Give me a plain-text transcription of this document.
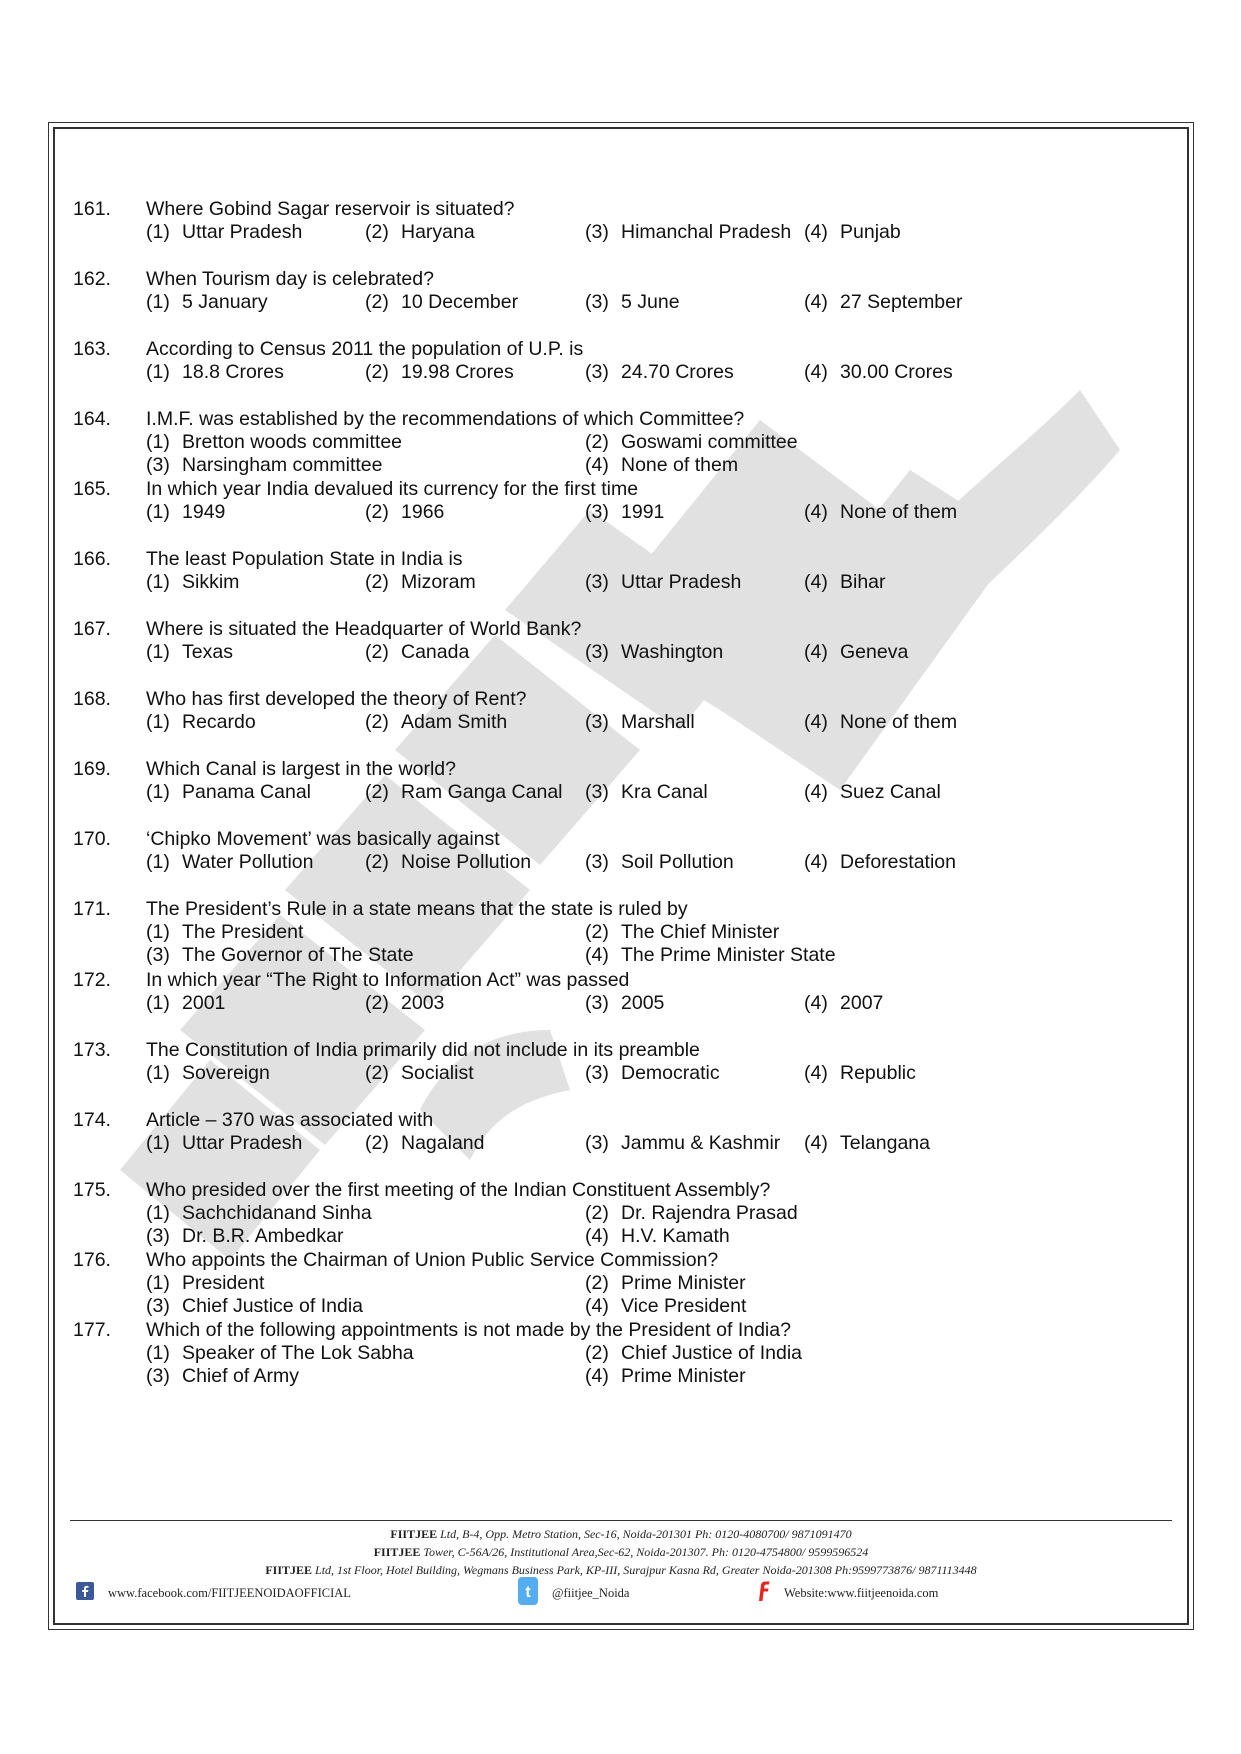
161. Where Gobind Sagar reservoir is situated?
(1) Uttar Pradesh	(2) Haryana	(3) Himanchal Pradesh (4) Punjab
162. When Tourism day is celebrated?
(1) 5 January	(2) 10 December	(3) 5 June	(4) 27 September
163. According to Census 2011 the population of U.P. is
(1) 18.8 Crores	(2) 19.98 Crores	(3) 24.70 Crores	(4) 30.00 Crores
164. I.M.F. was established by the recommendations of which Committee?
(1) Bretton woods committee	(2) Goswami committee
(3) Narsingham committee	(4) None of them
165. In which year India devalued its currency for the first time
(1) 1949	(2) 1966	(3) 1991	(4) None of them
166. The least Population State in India is
(1) Sikkim	(2) Mizoram	(3) Uttar Pradesh	(4) Bihar
167. Where is situated the Headquarter of World Bank?
(1) Texas	(2) Canada	(3) Washington	(4) Geneva
168. Who has first developed the theory of Rent?
(1) Recardo	(2) Adam Smith	(3) Marshall	(4) None of them
169. Which Canal is largest in the world?
(1) Panama Canal	(2) Ram Ganga Canal (3) Kra Canal	(4) Suez Canal
170. ‘Chipko Movement’ was basically against
(1) Water Pollution	(2) Noise Pollution	(3) Soil Pollution	(4) Deforestation
171. The President’s Rule in a state means that the state is ruled by
(1) The President	(2) The Chief Minister
(3) The Governor of The State	(4) The Prime Minister State
172. In which year “The Right to Information Act” was passed
(1) 2001	(2) 2003	(3) 2005	(4) 2007
173. The Constitution of India primarily did not include in its preamble
(1) Sovereign	(2) Socialist	(3) Democratic	(4) Republic
174. Article – 370 was associated with
(1) Uttar Pradesh	(2) Nagaland	(3) Jammu & Kashmir (4) Telangana
175. Who presided over the first meeting of the Indian Constituent Assembly?
(1) Sachchidanand Sinha	(2) Dr. Rajendra Prasad
(3) Dr. B.R. Ambedkar	(4) H.V. Kamath
176. Who appoints the Chairman of Union Public Service Commission?
(1) President	(2) Prime Minister
(3) Chief Justice of India	(4) Vice President
177. Which of the following appointments is not made by the President of India?
(1) Speaker of The Lok Sabha	(2) Chief Justice of India
(3) Chief of Army	(4) Prime Minister
FIITJEE Ltd, B-4, Opp. Metro Station, Sec-16, Noida-201301 Ph: 0120-4080700/ 9871091470
FIITJEE Tower, C-56A/26, Institutional Area,Sec-62, Noida-201307. Ph: 0120-4754800/ 9599596524
FIITJEE Ltd, 1st Floor, Hotel Building, Wegmans Business Park, KP-III, Surajpur Kasna Rd, Greater Noida-201308 Ph:9599773876/ 9871113448
www.facebook.com/FIITJEENOIDAOFFICIAL	t @fiitjee_Noida	Website:www.fiitjeenoida.com
